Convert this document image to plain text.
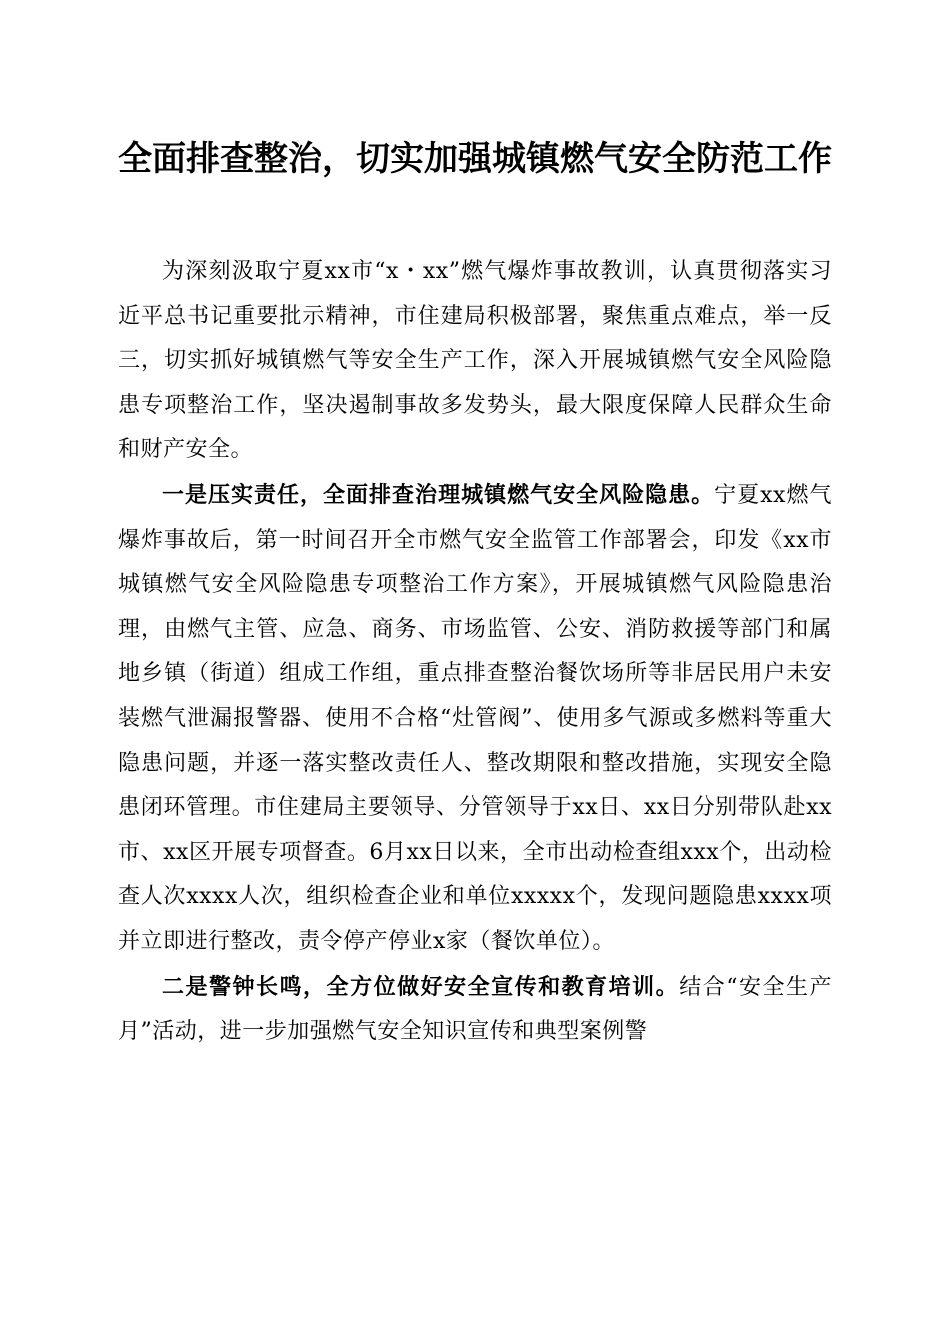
全面排查整治，切实加强城镇燃气安全防范工作

为深刻汲取宁夏xx市“x・xx”燃气爆炸事故教训，认真贯彻落实习近平总书记重要批示精神，市住建局积极部署，聚焦重点难点，举一反三，切实抓好城镇燃气等安全生产工作，深入开展城镇燃气安全风险隐患专项整治工作，坚决遏制事故多发势头，最大限度保障人民群众生命和财产安全。

一是压实责任，全面排查治理城镇燃气安全风险隐患。宁夏xx燃气爆炸事故后，第一时间召开全市燃气安全监管工作部署会，印发《xx市城镇燃气安全风险隐患专项整治工作方案》，开展城镇燃气风险隐患治理，由燃气主管、应急、商务、市场监管、公安、消防救援等部门和属地乡镇（街道）组成工作组，重点排查整治餐饮场所等非居民用户未安装燃气泄漏报警器、使用不合格“灶管阀”、使用多气源或多燃料等重大隐患问题，并逐一落实整改责任人、整改期限和整改措施，实现安全隐患闭环管理。市住建局主要领导、分管领导于xx日、xx日分别带队赴xx市、xx区开展专项督查。6月xx日以来，全市出动检查组xxx个，出动检查人次xxxx人次，组织检查企业和单位xxxxx个，发现问题隐患xxxx项并立即进行整改，责令停产停业x家（餐饮单位）。

二是警钟长鸣，全方位做好安全宣传和教育培训。结合“安全生产月”活动，进一步加强燃气安全知识宣传和典型案例警
